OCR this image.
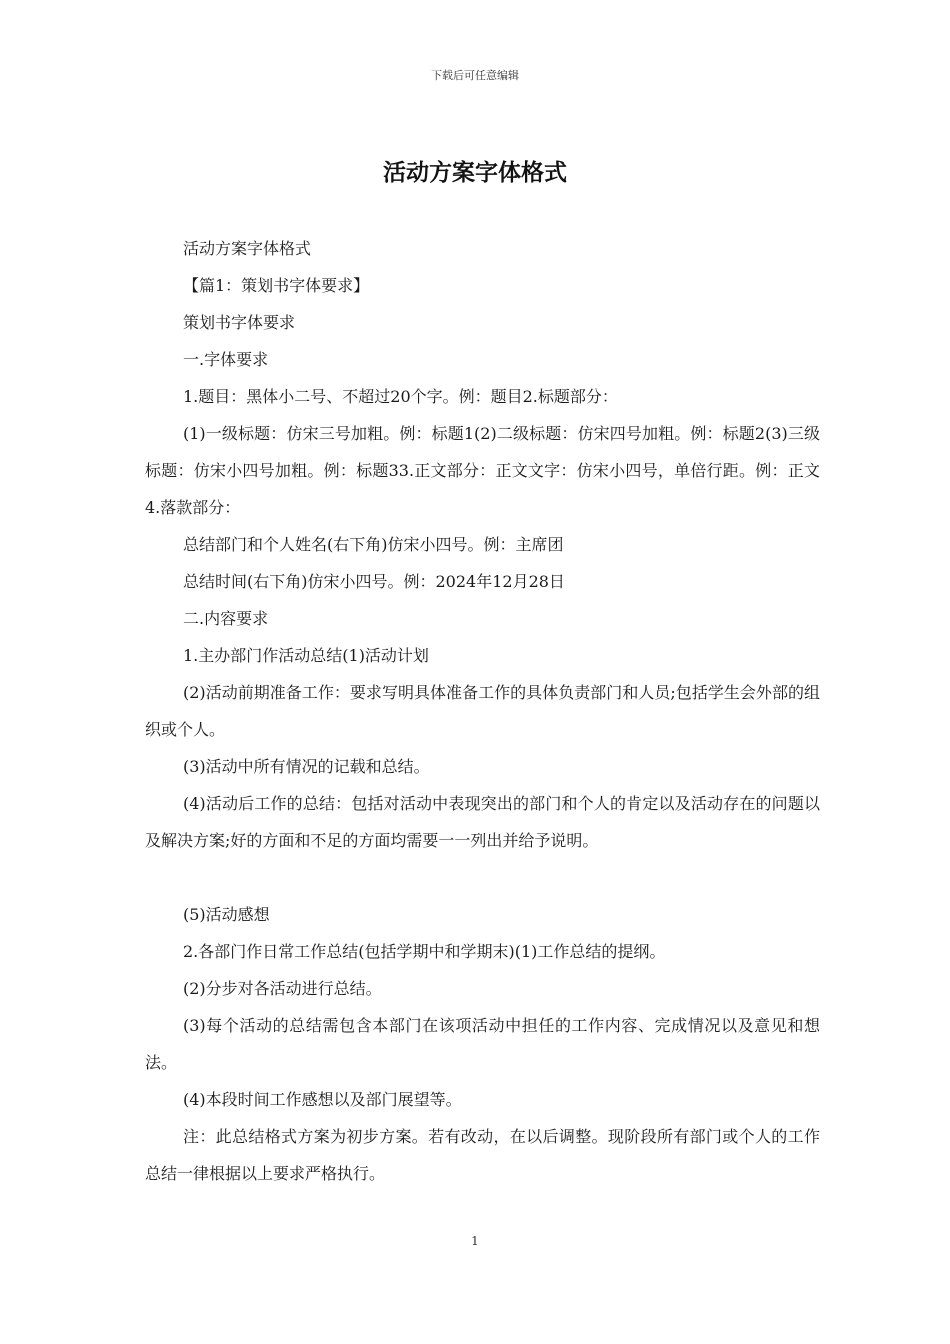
下载后可任意编辑
活动方案字体格式

活动方案字体格式

【篇1：策划书字体要求】

策划书字体要求

一.字体要求

1.题目：黑体小二号、不超过20个字。例：题目2.标题部分：

(1)一级标题：仿宋三号加粗。例：标题1(2)二级标题：仿宋四号加粗。例：标题2(3)三级标题：仿宋小四号加粗。例：标题33.正文部分：正文文字：仿宋小四号，单倍行距。例：正文4.落款部分：

总结部门和个人姓名(右下角)仿宋小四号。例：主席团

总结时间(右下角)仿宋小四号。例：2024年12月28日

二.内容要求

1.主办部门作活动总结(1)活动计划

(2)活动前期准备工作：要求写明具体准备工作的具体负责部门和人员;包括学生会外部的组织或个人。

(3)活动中所有情况的记载和总结。

(4)活动后工作的总结：包括对活动中表现突出的部门和个人的肯定以及活动存在的问题以及解决方案;好的方面和不足的方面均需要一一列出并给予说明。

(5)活动感想

2.各部门作日常工作总结(包括学期中和学期末)(1)工作总结的提纲。

(2)分步对各活动进行总结。

(3)每个活动的总结需包含本部门在该项活动中担任的工作内容、完成情况以及意见和想法。

(4)本段时间工作感想以及部门展望等。

注：此总结格式方案为初步方案。若有改动，在以后调整。现阶段所有部门或个人的工作总结一律根据以上要求严格执行。

1
